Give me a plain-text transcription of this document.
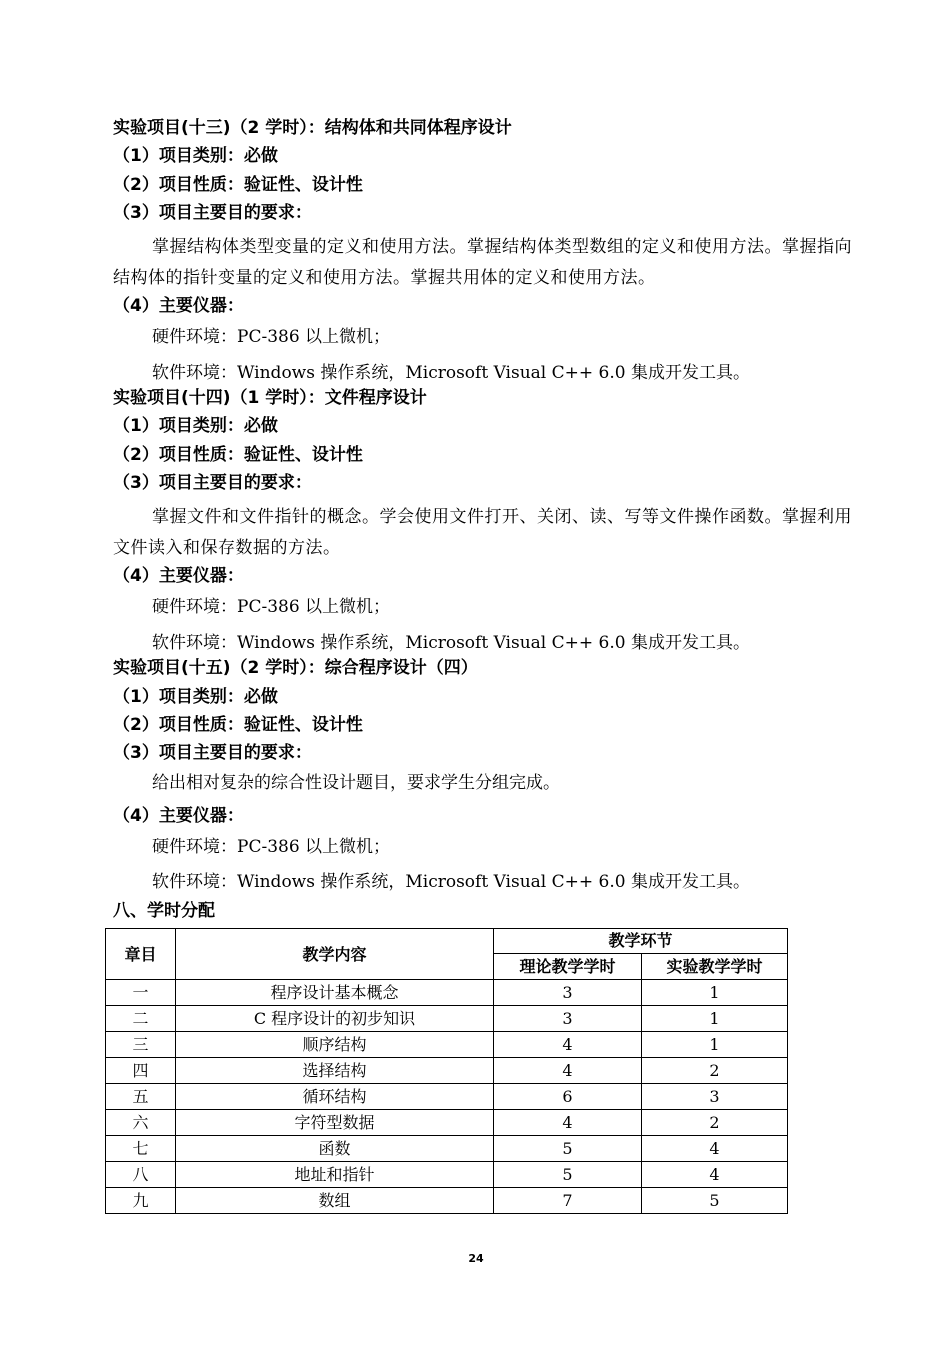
实验项目(十三)（2 学时）：结构体和共同体程序设计
（1）项目类别：必做
（2）项目性质：验证性、设计性
（3）项目主要目的要求：
掌握结构体类型变量的定义和使用方法。掌握结构体类型数组的定义和使用方法。掌握指向结构体的指针变量的定义和使用方法。掌握共用体的定义和使用方法。
（4）主要仪器：
硬件环境：PC-386 以上微机；
软件环境：Windows 操作系统，Microsoft Visual C++ 6.0 集成开发工具。
实验项目(十四)（1 学时）：文件程序设计
（1）项目类别：必做
（2）项目性质：验证性、设计性
（3）项目主要目的要求：
掌握文件和文件指针的概念。学会使用文件打开、关闭、读、写等文件操作函数。掌握利用文件读入和保存数据的方法。
（4）主要仪器：
硬件环境：PC-386 以上微机；
软件环境：Windows 操作系统，Microsoft Visual C++ 6.0 集成开发工具。
实验项目(十五)（2 学时）：综合程序设计（四）
（1）项目类别：必做
（2）项目性质：验证性、设计性
（3）项目主要目的要求：
给出相对复杂的综合性设计题目，要求学生分组完成。
（4）主要仪器：
硬件环境：PC-386 以上微机；
软件环境：Windows 操作系统，Microsoft Visual C++ 6.0 集成开发工具。
八、学时分配
章目	教学内容	教学环节	
		理论教学学时	实验教学学时
一	程序设计基本概念	3	1
二	C 程序设计的初步知识	3	1
三	顺序结构	4	1
四	选择结构	4	2
五	循环结构	6	3
六	字符型数据	4	2
七	函数	5	4
八	地址和指针	5	4
九	数组	7	5
24
